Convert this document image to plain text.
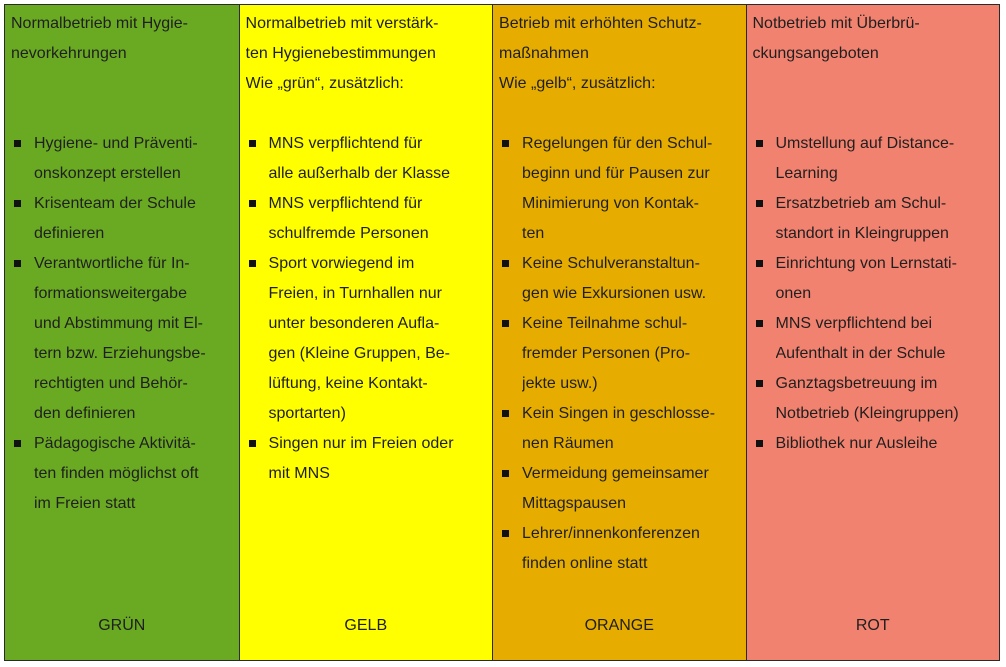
Normalbetrieb mit Hygie-
nevorkehrungen
Hygiene- und Präventi-
onskonzept erstellen
Krisenteam der Schule
definieren
Verantwortliche für In-
formationsweitergabe
und Abstimmung mit El-
tern bzw. Erziehungsbe-
rechtigten und Behör-
den definieren
Pädagogische Aktivitä-
ten finden möglichst oft
im Freien statt
GRÜN
Normalbetrieb mit verstärk-
ten Hygienebestimmungen
Wie „grün“, zusätzlich:
MNS verpflichtend für
alle außerhalb der Klasse
MNS verpflichtend für
schulfremde Personen
Sport vorwiegend im
Freien, in Turnhallen nur
unter besonderen Aufla-
gen (Kleine Gruppen, Be-
lüftung, keine Kontakt-
sportarten)
Singen nur im Freien oder
mit MNS
GELB
Betrieb mit erhöhten Schutz-
maßnahmen
Wie „gelb“, zusätzlich:
Regelungen für den Schul-
beginn und für Pausen zur
Minimierung von Kontak-
ten
Keine Schulveranstaltun-
gen wie Exkursionen usw.
Keine Teilnahme schul-
fremder Personen (Pro-
jekte usw.)
Kein Singen in geschlosse-
nen Räumen
Vermeidung gemeinsamer
Mittagspausen
Lehrer/innenkonferenzen
finden online statt
ORANGE
Notbetrieb mit Überbrü-
ckungsangeboten
Umstellung auf Distance-
Learning
Ersatzbetrieb am Schul-
standort in Kleingruppen
Einrichtung von Lernstati-
onen
MNS verpflichtend bei
Aufenthalt in der Schule
Ganztagsbetreuung im
Notbetrieb (Kleingruppen)
Bibliothek nur Ausleihe
ROT
